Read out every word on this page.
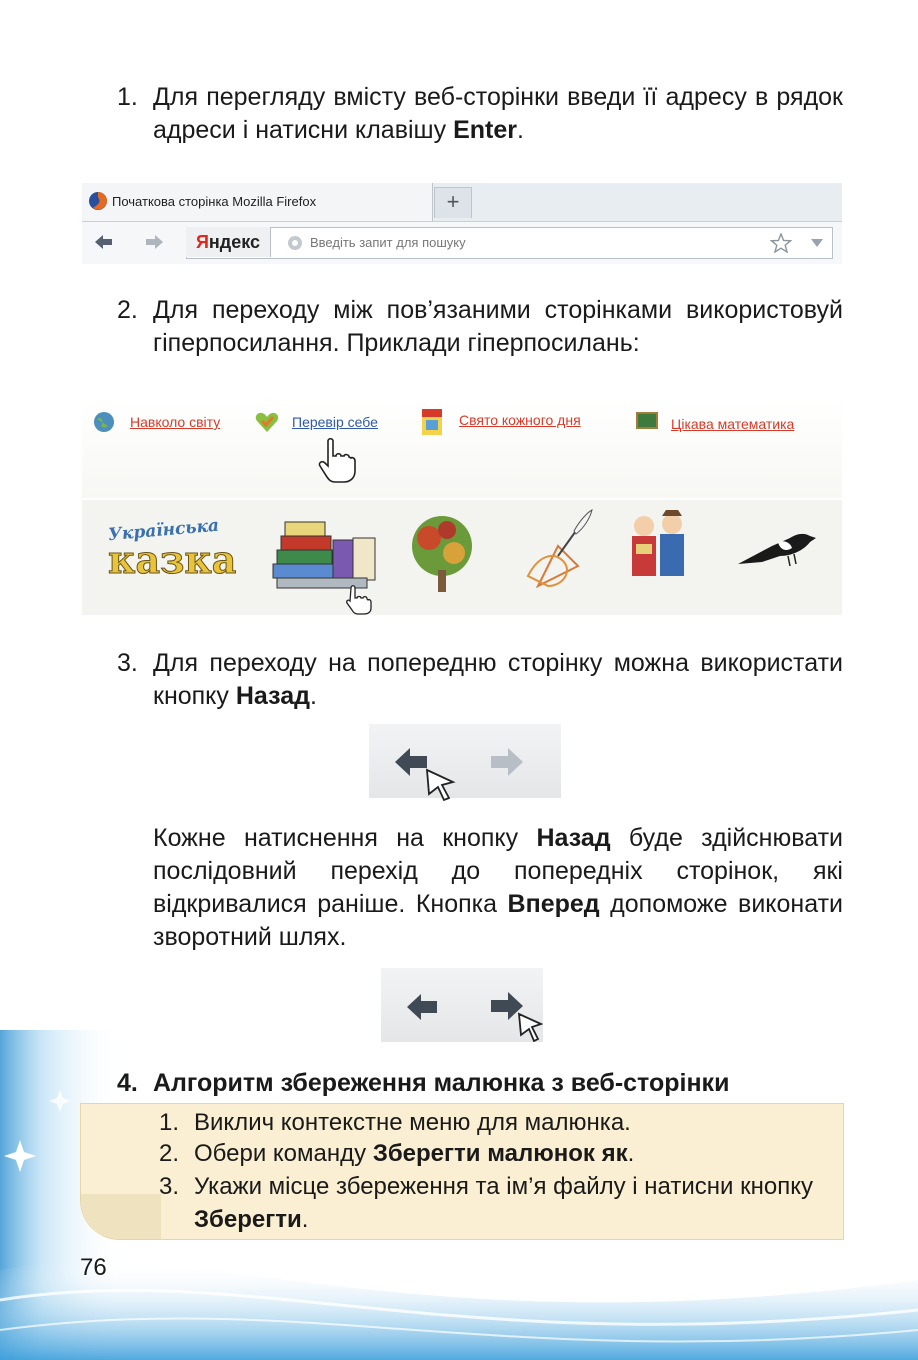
1. Для перегляду вмісту веб-сторінки введи її адресу в рядок адреси і натисни клавішу Enter.
Початкова сторінка Mozilla Firefox	+
Яндекс	Введіть запит для пошуку
2. Для переходу між пов’язаними сторінками використовуй гіперпосилання. Приклади гіперпосилань:
Навколо світу	Перевір себе	Свято кожного дня	Цікава математика
Українська
казка
3. Для переходу на попередню сторінку можна використати кнопку Назад.
Кожне натиснення на кнопку Назад буде здійснювати послідовний перехід до попередніх сторінок, які відкривалися раніше. Кнопка Вперед допоможе виконати зворотний шлях.
4. Алгоритм збереження малюнка з веб-сторінки
1. Виклич контекстне меню для малюнка.
2. Обери команду Зберегти малюнок як.
3. Укажи місце збереження та ім’я файлу і натисни кнопку Зберегти.
76
